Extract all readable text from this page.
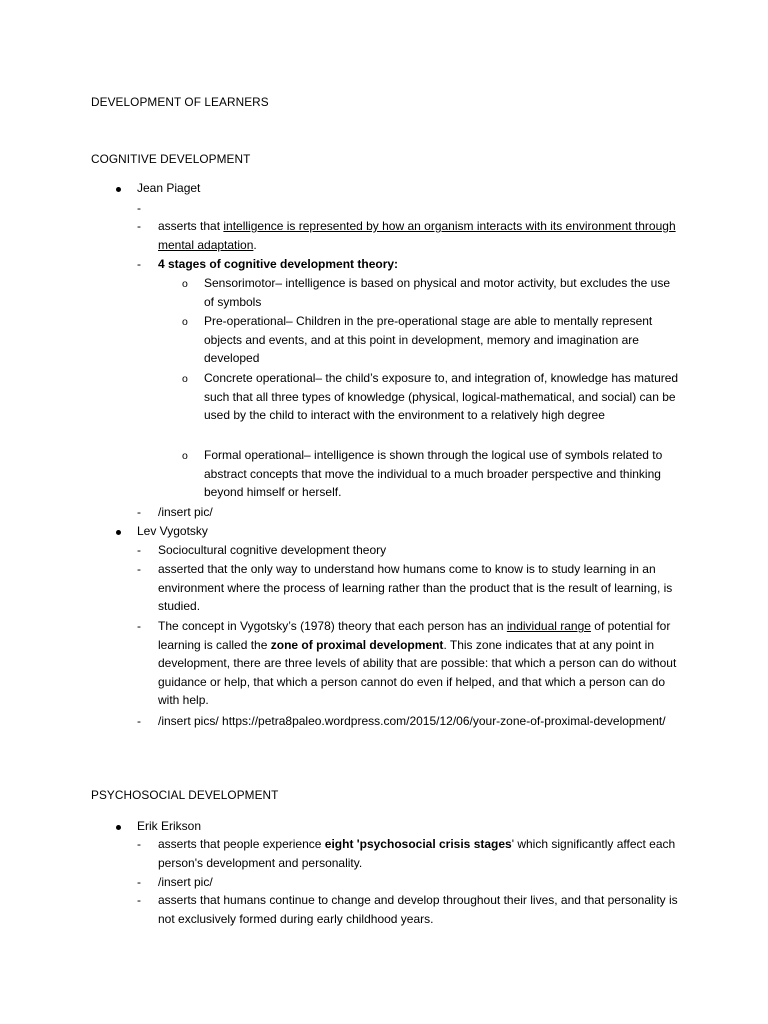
DEVELOPMENT OF LEARNERS
COGNITIVE DEVELOPMENT
Jean Piaget
-
- asserts that intelligence is represented by how an organism interacts with its environment through mental adaptation.
- 4 stages of cognitive development theory:
o Sensorimotor– intelligence is based on physical and motor activity, but excludes the use of symbols
o Pre-operational– Children in the pre-operational stage are able to mentally represent objects and events, and at this point in development, memory and imagination are developed
o Concrete operational– the child’s exposure to, and integration of, knowledge has matured such that all three types of knowledge (physical, logical-mathematical, and social) can be used by the child to interact with the environment to a relatively high degree
o Formal operational– intelligence is shown through the logical use of symbols related to abstract concepts that move the individual to a much broader perspective and thinking beyond himself or herself.
- /insert pic/
Lev Vygotsky
- Sociocultural cognitive development theory
- asserted that the only way to understand how humans come to know is to study learning in an environment where the process of learning rather than the product that is the result of learning, is studied.
- The concept in Vygotsky’s (1978) theory that each person has an individual range of potential for learning is called the zone of proximal development. This zone indicates that at any point in development, there are three levels of ability that are possible: that which a person can do without guidance or help, that which a person cannot do even if helped, and that which a person can do with help.
- /insert pics/ https://petra8paleo.wordpress.com/2015/12/06/your-zone-of-proximal-development/
PSYCHOSOCIAL DEVELOPMENT
Erik Erikson
- asserts that people experience eight 'psychosocial crisis stages' which significantly affect each person's development and personality.
- /insert pic/
- asserts that humans continue to change and develop throughout their lives, and that personality is not exclusively formed during early childhood years.
